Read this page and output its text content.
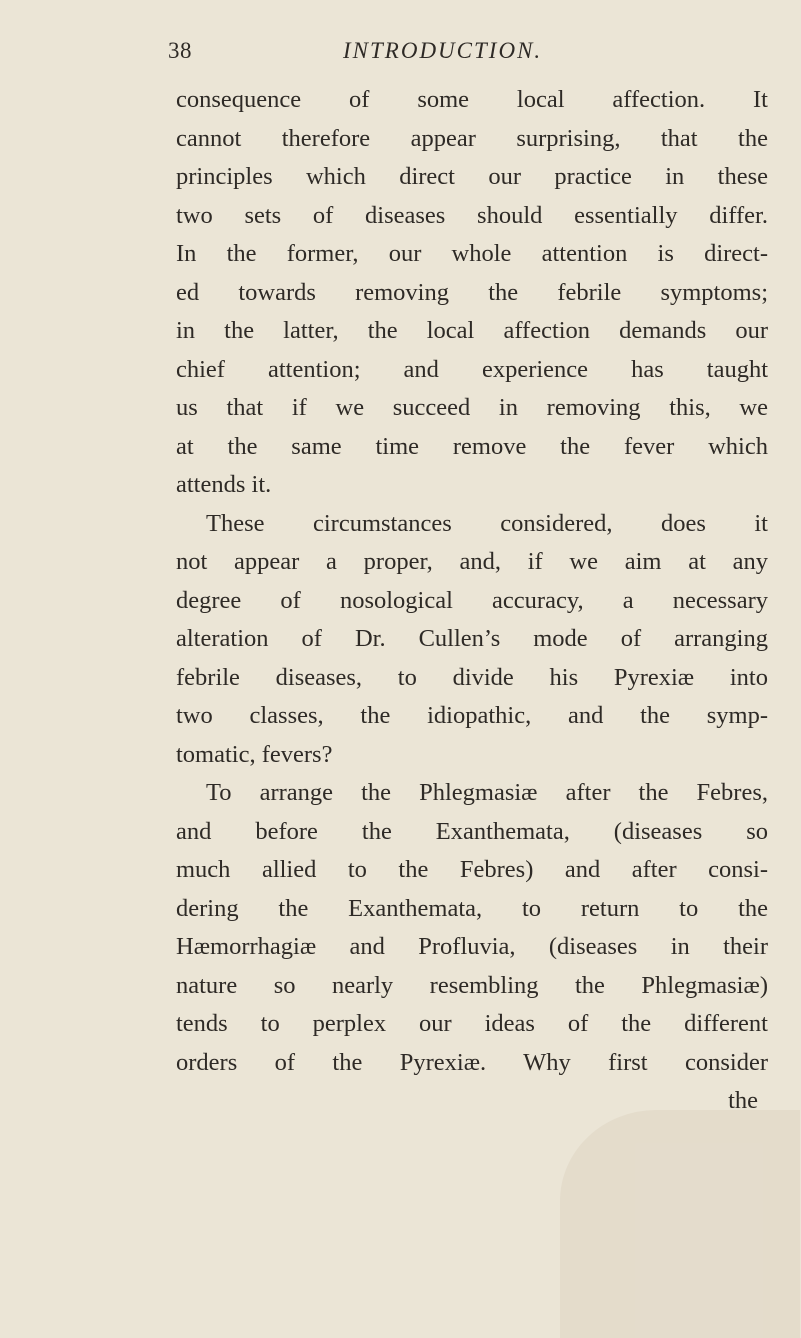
38	INTRODUCTION.
consequence of some local affection. It
cannot therefore appear surprising, that the
principles which direct our practice in these
two sets of diseases should essentially differ.
In the former, our whole attention is direct-
ed towards removing the febrile symptoms;
in the latter, the local affection demands our
chief attention; and experience has taught
us that if we succeed in removing this, we
at the same time remove the fever which
attends it.
These circumstances considered, does it
not appear a proper, and, if we aim at any
degree of nosological accuracy, a necessary
alteration of Dr. Cullen’s mode of arranging
febrile diseases, to divide his Pyrexiæ into
two classes, the idiopathic, and the symp-
tomatic, fevers?
To arrange the Phlegmasiæ after the Febres,
and before the Exanthemata, (diseases so
much allied to the Febres) and after consi-
dering the Exanthemata, to return to the
Hæmorrhagiæ and Profluvia, (diseases in their
nature so nearly resembling the Phlegmasiæ)
tends to perplex our ideas of the different
orders of the Pyrexiæ. Why first consider
the
